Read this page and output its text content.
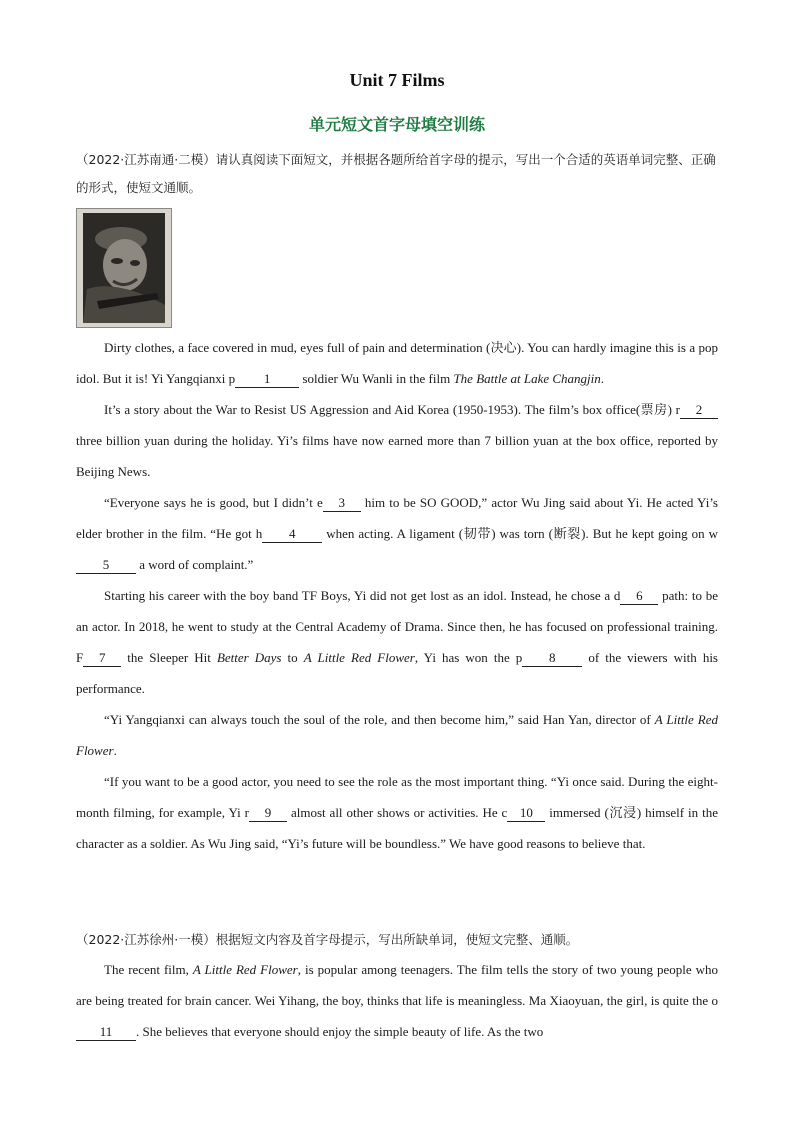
Unit 7 Films
单元短文首字母填空训练
（2022·江苏南通·二模）请认真阅读下面短文，并根据各题所给首字母的提示，写出一个合适的英语单词完整、正确的形式，使短文通顺。

Dirty clothes, a face covered in mud, eyes full of pain and determination (决心). You can hardly imagine this is a pop idol. But it is! Yi Yangqianxi p 1 soldier Wu Wanli in the film The Battle at Lake Changjin.

It’s a story about the War to Resist US Aggression and Aid Korea (1950-1953). The film’s box office(票房) r 2 three billion yuan during the holiday. Yi’s films have now earned more than 7 billion yuan at the box office, reported by Beijing News.

“Everyone says he is good, but I didn’t e 3 him to be SO GOOD,” actor Wu Jing said about Yi. He acted Yi’s elder brother in the film. “He got h 4 when acting. A ligament (韧带) was torn (断裂). But he kept going on w5 a word of complaint.”

Starting his career with the boy band TF Boys, Yi did not get lost as an idol. Instead, he chose a d 6 path: to be an actor. In 2018, he went to study at the Central Academy of Drama. Since then, he has focused on professional training. F 7 the Sleeper Hit Better Days to A Little Red Flower, Yi has won the p 8 of the viewers with his performance.

“Yi Yangqianxi can always touch the soul of the role, and then become him,” said Han Yan, director of A Little Red Flower.

“If you want to be a good actor, you need to see the role as the most important thing. “Yi once said. During the eight-month filming, for example, Yi r 9 almost all other shows or activities. He c 10 immersed (沉浸) himself in the character as a soldier. As Wu Jing said, “Yi’s future will be boundless.” We have good reasons to believe that.

（2022·江苏徐州·一模）根据短文内容及首字母提示，写出所缺单词，使短文完整、通顺。

The recent film, A Little Red Flower, is popular among teenagers. The film tells the story of two young people who are being treated for brain cancer. Wei Yihang, the boy, thinks that life is meaningless. Ma Xiaoyuan, the girl, is quite the o11 . She believes that everyone should enjoy the simple beauty of life. As the two
